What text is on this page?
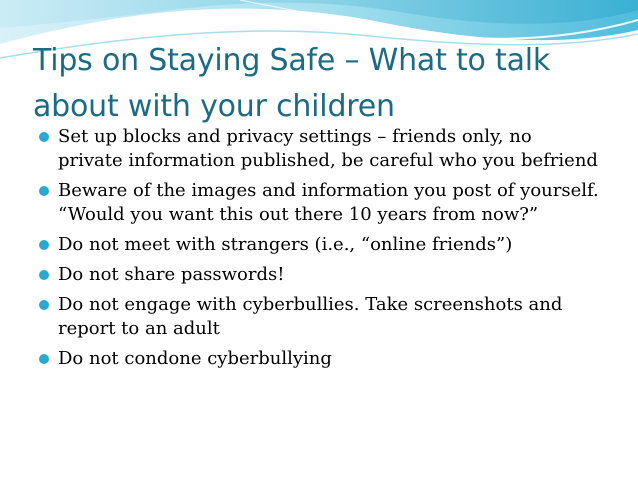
Tips on Staying Safe – What to talk about with your children
Set up blocks and privacy settings – friends only, no private information published, be careful who you befriend
Beware of the images and information you post of yourself. “Would you want this out there 10 years from now?”
Do not meet with strangers (i.e., “online friends”)
Do not share passwords!
Do not engage with cyberbullies. Take screenshots and report to an adult
Do not condone cyberbullying
